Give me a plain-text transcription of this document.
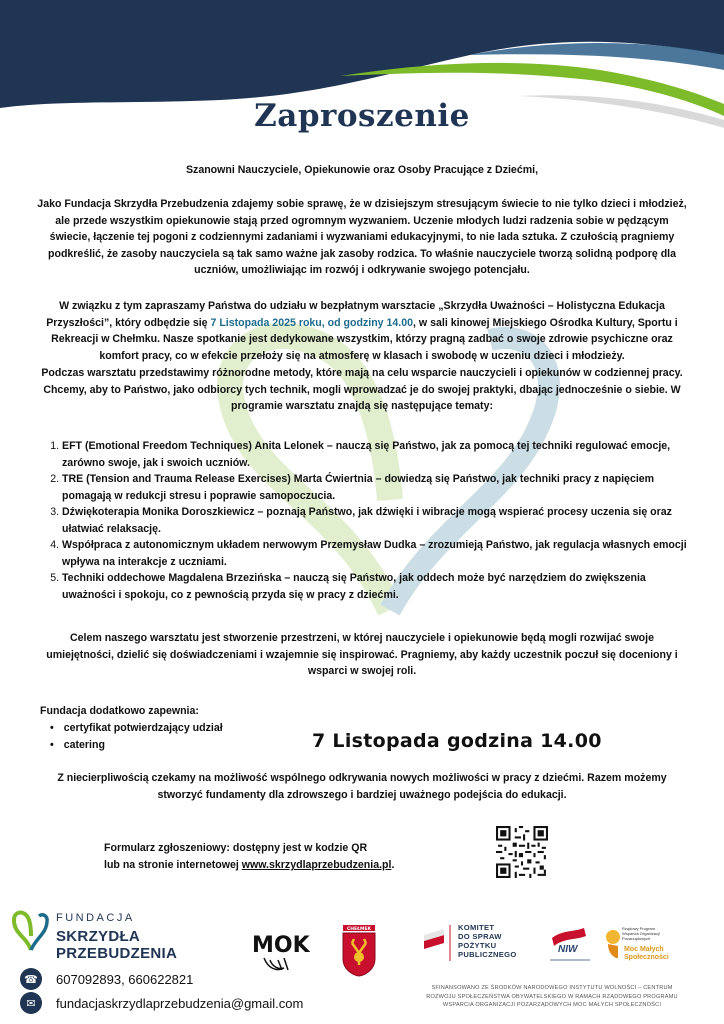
Zaproszenie

Szanowni Nauczyciele, Opiekunowie oraz Osoby Pracujące z Dziećmi,

Jako Fundacja Skrzydła Przebudzenia zdajemy sobie sprawę, że w dzisiejszym stresującym świecie to nie tylko dzieci i młodzież, ale przede wszystkim opiekunowie stają przed ogromnym wyzwaniem. Uczenie młodych ludzi radzenia sobie w pędzącym świecie, łączenie tej pogoni z codziennymi zadaniami i wyzwaniami edukacyjnymi, to nie lada sztuka. Z czułością pragniemy podkreślić, że zasoby nauczyciela są tak samo ważne jak zasoby rodzica. To właśnie nauczyciele tworzą solidną podporę dla uczniów, umożliwiając im rozwój i odkrywanie swojego potencjału.

W związku z tym zapraszamy Państwa do udziału w bezpłatnym warsztacie „Skrzydła Uważności – Holistyczna Edukacja Przyszłości”, który odbędzie się 7 Listopada 2025 roku, od godziny 14.00, w sali kinowej Miejskiego Ośrodka Kultury, Sportu i Rekreacji w Chełmku. Nasze spotkanie jest dedykowane wszystkim, którzy pragną zadbać o swoje zdrowie psychiczne oraz komfort pracy, co w efekcie przełoży się na atmosferę w klasach i swobodę w uczeniu dzieci i młodzieży.

Podczas warsztatu przedstawimy różnorodne metody, które mają na celu wsparcie nauczycieli i opiekunów w codziennej pracy. Chcemy, aby to Państwo, jako odbiorcy tych technik, mogli wprowadzać je do swojej praktyki, dbając jednocześnie o siebie. W programie warsztatu znajdą się następujące tematy:

1. EFT (Emotional Freedom Techniques) Anita Lelonek – nauczą się Państwo, jak za pomocą tej techniki regulować emocje, zarówno swoje, jak i swoich uczniów.
2. TRE (Tension and Trauma Release Exercises) Marta Ćwiertnia – dowiedzą się Państwo, jak techniki pracy z napięciem pomagają w redukcji stresu i poprawie samopoczucia.
3. Dźwiękoterapia Monika Doroszkiewicz – poznają Państwo, jak dźwięki i wibracje mogą wspierać procesy uczenia się oraz ułatwiać relaksację.
4. Współpraca z autonomicznym układem nerwowym Przemysław Dudka – zrozumieją Państwo, jak regulacja własnych emocji wpływa na interakcje z uczniami.
5. Techniki oddechowe Magdalena Brzezińska – nauczą się Państwo, jak oddech może być narzędziem do zwiększenia uważności i spokoju, co z pewnością przyda się w pracy z dziećmi.

Celem naszego warsztatu jest stworzenie przestrzeni, w której nauczyciele i opiekunowie będą mogli rozwijać swoje umiejętności, dzielić się doświadczeniami i wzajemnie się inspirować. Pragniemy, aby każdy uczestnik poczuł się doceniony i wsparci w swojej roli.

Fundacja dodatkowo zapewnia:
• certyfikat potwierdzający udział
• catering	7 Listopada godzina 14.00

Z niecierpliwością czekamy na możliwość wspólnego odkrywania nowych możliwości w pracy z dziećmi. Razem możemy stworzyć fundamenty dla zdrowszego i bardziej uważnego podejścia do edukacji.

Formularz zgłoszeniowy: dostępny jest w kodzie QR
lub na stronie internetowej www.skrzydlaprzebudzenia.pl.
FUNDACJA
SKRZYDŁA PRZEBUDZENIA
☎	607092893, 660622821
✉	fundacjaskrzydlaprzebudzenia@gmail.com
MOK
CHEŁMEK	KOMITET
DO SPRAW
POŻYTKU
PUBLICZNEGO	NIW
Rządowy Program
Wsparcia Organizacji
Pozarządowych
Moc Małych
Społeczności
SFINANSOWANO ZE ŚRODKÓW NARODOWEGO INSTYTUTU WOLNOŚCI – CENTRUM
ROZWOJU SPOŁECZEŃSTWA OBYWATELSKIEGO W RAMACH RZĄDOWEGO PROGRAMU
WSPARCIA ORGANIZACJI POZARZĄDOWYCH MOC MAŁYCH SPOŁECZNOŚCI
